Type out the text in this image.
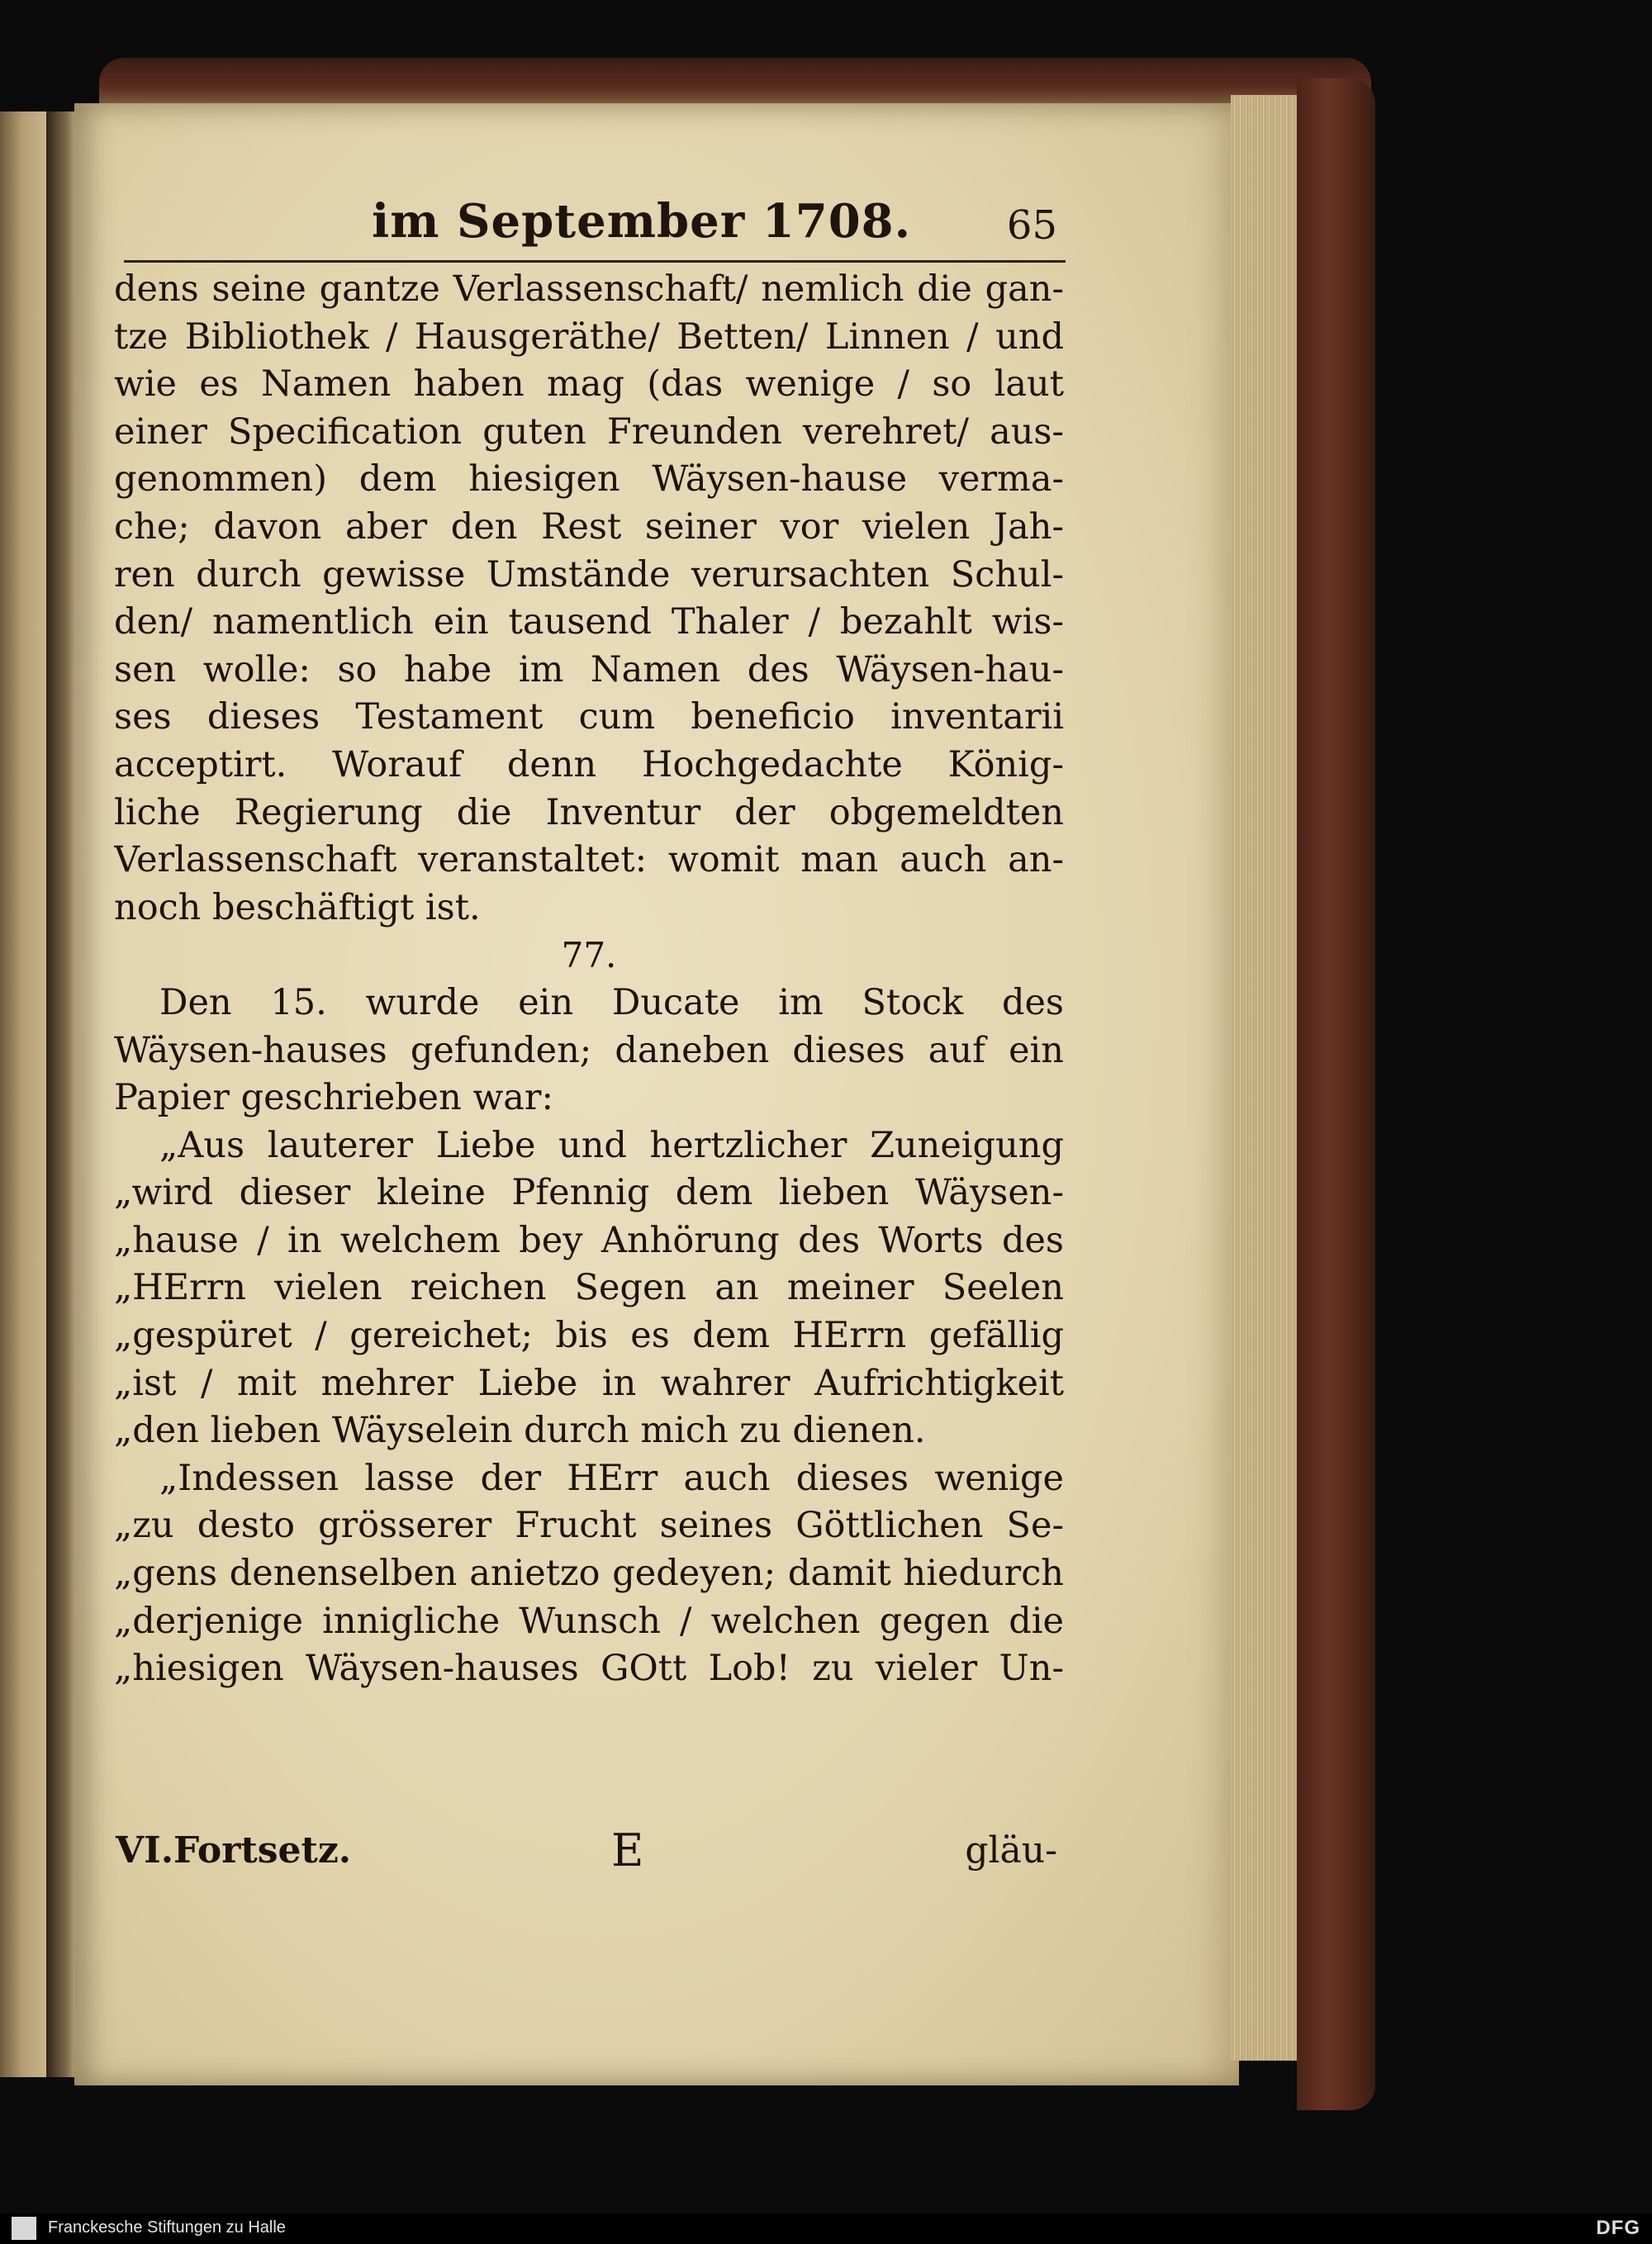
im September 1708. 65
dens seine gantze Verlassenschaft/ nemlich die gan-
tze Bibliothek / Hausgeräthe/ Betten/ Linnen / und
wie es Namen haben mag (das wenige / so laut
einer Specification guten Freunden verehret/ aus-
genommen) dem hiesigen Wäysen-hause verma-
che; davon aber den Rest seiner vor vielen Jah-
ren durch gewisse Umstände verursachten Schul-
den/ namentlich ein tausend Thaler / bezahlt wis-
sen wolle: so habe im Namen des Wäysen-hau-
ses dieses Testament cum beneficio inventarii
acceptirt. Worauf denn Hochgedachte König-
liche Regierung die Inventur der obgemeldten
Verlassenschaft veranstaltet: womit man auch an-
noch beschäftigt ist.
77.
Den 15. wurde ein Ducate im Stock des
Wäysen-hauses gefunden; daneben dieses auf ein
Papier geschrieben war:
„Aus lauterer Liebe und hertzlicher Zuneigung
„wird dieser kleine Pfennig dem lieben Wäysen-
„hause / in welchem bey Anhörung des Worts des
„HErrn vielen reichen Segen an meiner Seelen
„gespüret / gereichet; bis es dem HErrn gefällig
„ist / mit mehrer Liebe in wahrer Aufrichtigkeit
„den lieben Wäyselein durch mich zu dienen.
„Indessen lasse der HErr auch dieses wenige
„zu desto grösserer Frucht seines Göttlichen Se-
„gens denenselben anietzo gedeyen; damit hiedurch
„derjenige innigliche Wunsch / welchen gegen die
„hiesigen Wäysen-hauses GOtt Lob! zu vieler Un-
VI.Fortsetz.	E	gläu-
Franckesche Stiftungen zu Halle	DFG
